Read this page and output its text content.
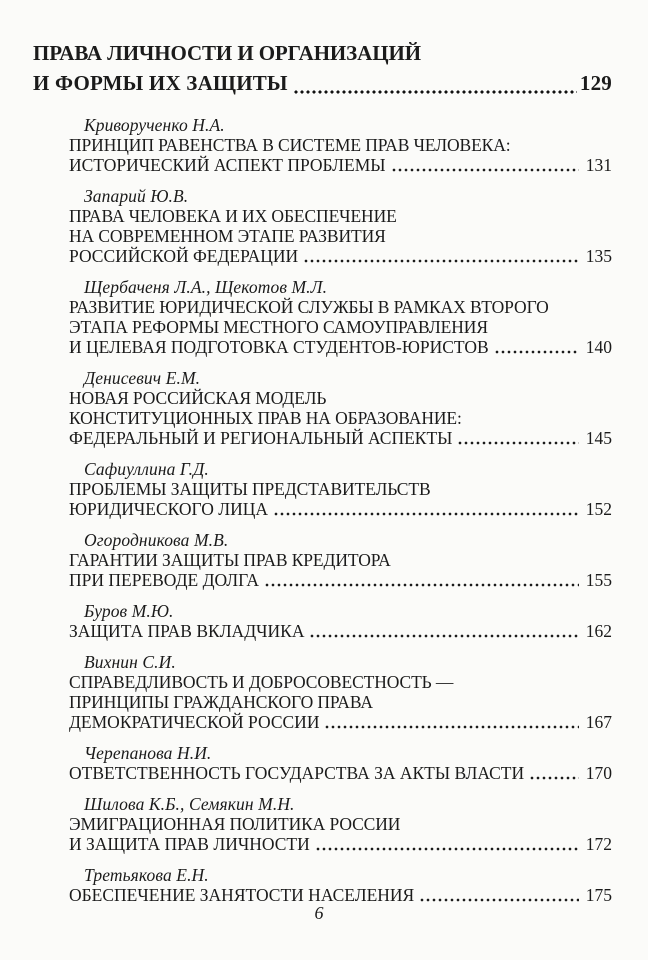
ПРАВА ЛИЧНОСТИ И ОРГАНИЗАЦИЙ
И ФОРМЫ ИХ ЗАЩИТЫ	129
Криворученко Н.А.
ПРИНЦИП РАВЕНСТВА В СИСТЕМЕ ПРАВ ЧЕЛОВЕКА:
ИСТОРИЧЕСКИЙ АСПЕКТ ПРОБЛЕМЫ	131
Запарий Ю.В.
ПРАВА ЧЕЛОВЕКА И ИХ ОБЕСПЕЧЕНИЕ
НА СОВРЕМЕННОМ ЭТАПЕ РАЗВИТИЯ
РОССИЙСКОЙ ФЕДЕРАЦИИ	135
Щербаченя Л.А., Щекотов М.Л.
РАЗВИТИЕ ЮРИДИЧЕСКОЙ СЛУЖБЫ В РАМКАХ ВТОРОГО
ЭТАПА РЕФОРМЫ МЕСТНОГО САМОУПРАВЛЕНИЯ
И ЦЕЛЕВАЯ ПОДГОТОВКА СТУДЕНТОВ-ЮРИСТОВ	140
Денисевич Е.М.
НОВАЯ РОССИЙСКАЯ МОДЕЛЬ
КОНСТИТУЦИОННЫХ ПРАВ НА ОБРАЗОВАНИЕ:
ФЕДЕРАЛЬНЫЙ И РЕГИОНАЛЬНЫЙ АСПЕКТЫ	145
Сафиуллина Г.Д.
ПРОБЛЕМЫ ЗАЩИТЫ ПРЕДСТАВИТЕЛЬСТВ
ЮРИДИЧЕСКОГО ЛИЦА	152
Огородникова М.В.
ГАРАНТИИ ЗАЩИТЫ ПРАВ КРЕДИТОРА
ПРИ ПЕРЕВОДЕ ДОЛГА	155
Буров М.Ю.
ЗАЩИТА ПРАВ ВКЛАДЧИКА	162
Вихнин С.И.
СПРАВЕДЛИВОСТЬ И ДОБРОСОВЕСТНОСТЬ —
ПРИНЦИПЫ ГРАЖДАНСКОГО ПРАВА
ДЕМОКРАТИЧЕСКОЙ РОССИИ	167
Черепанова Н.И.
ОТВЕТСТВЕННОСТЬ ГОСУДАРСТВА ЗА АКТЫ ВЛАСТИ	170
Шилова К.Б., Семякин М.Н.
ЭМИГРАЦИОННАЯ ПОЛИТИКА РОССИИ
И ЗАЩИТА ПРАВ ЛИЧНОСТИ	172
Третьякова Е.Н.
ОБЕСПЕЧЕНИЕ ЗАНЯТОСТИ НАСЕЛЕНИЯ	175
6
